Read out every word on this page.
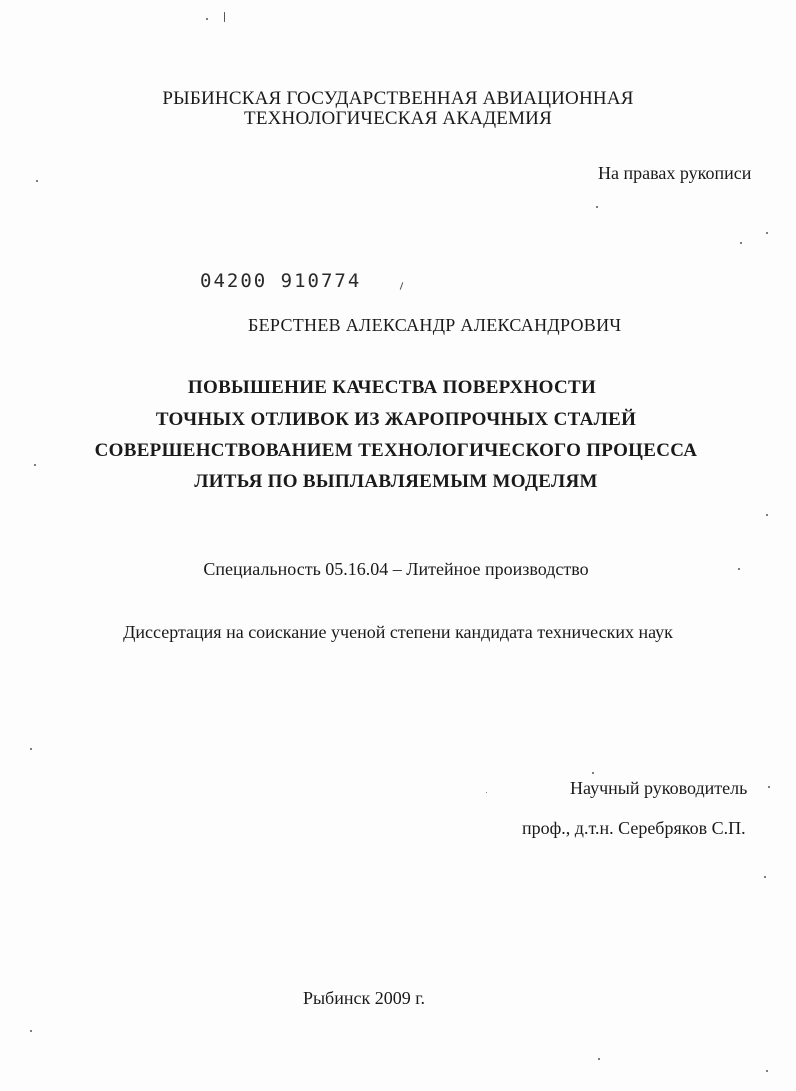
РЫБИНСКАЯ ГОСУДАРСТВЕННАЯ АВИАЦИОННАЯ
ТЕХНОЛОГИЧЕСКАЯ АКАДЕМИЯ
На правах рукописи
04200 910774
БЕРСТНЕВ АЛЕКСАНДР АЛЕКСАНДРОВИЧ
ПОВЫШЕНИЕ КАЧЕСТВА ПОВЕРХНОСТИ
ТОЧНЫХ ОТЛИВОК ИЗ ЖАРОПРОЧНЫХ СТАЛЕЙ
СОВЕРШЕНСТВОВАНИЕМ ТЕХНОЛОГИЧЕСКОГО ПРОЦЕССА
ЛИТЬЯ ПО ВЫПЛАВЛЯЕМЫМ МОДЕЛЯМ
Специальность 05.16.04 – Литейное производство
Диссертация на соискание ученой степени кандидата технических наук
Научный руководитель
проф., д.т.н. Серебряков С.П.
Рыбинск 2009 г.
